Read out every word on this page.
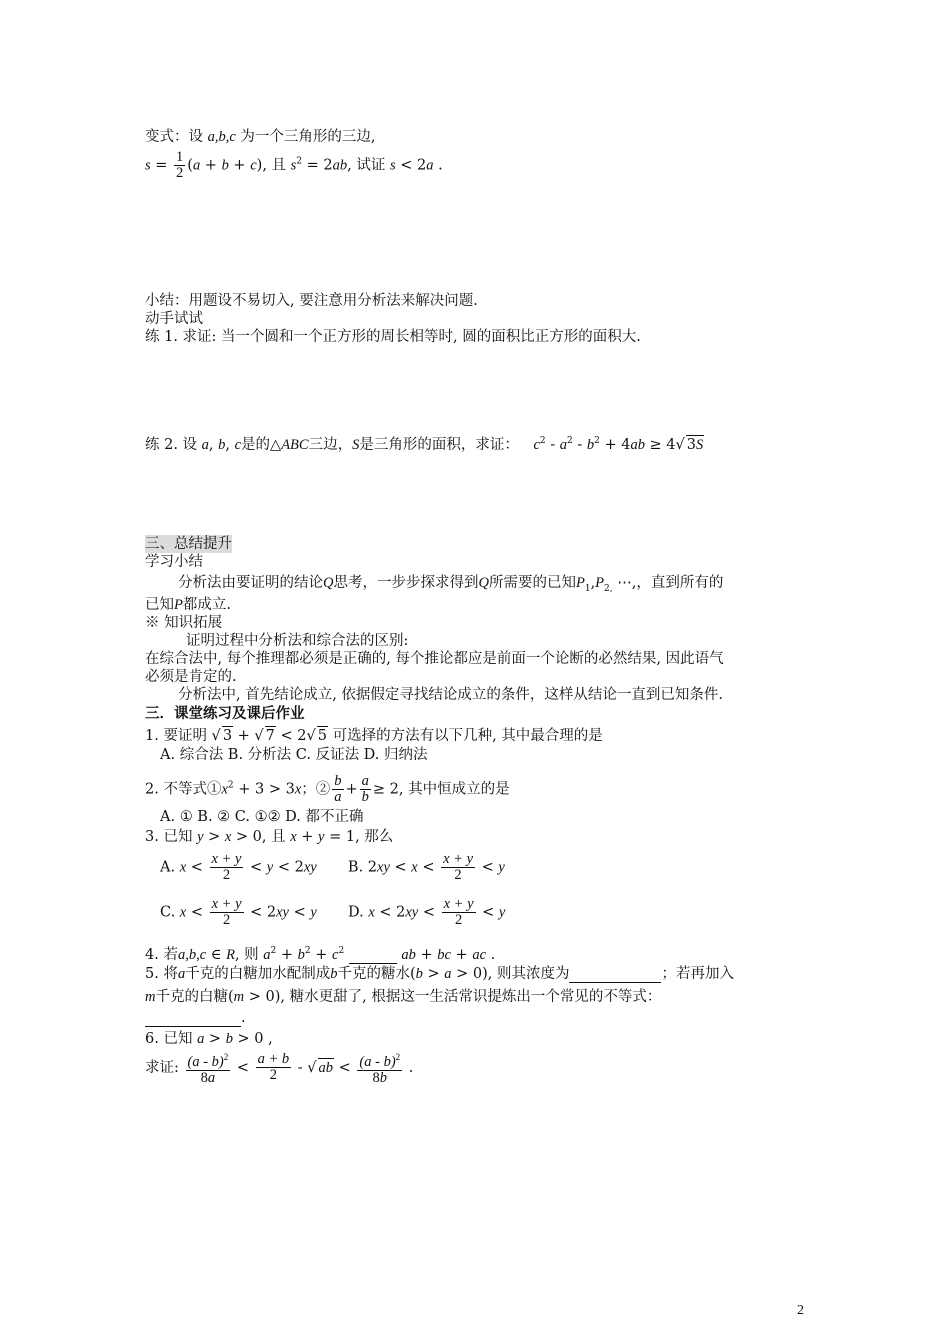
变式：设 a,b,c 为一个三角形的三边,
$s = \frac{1}{2} (a + b + c)$, 且 $s^2 = 2ab$, 试证 s < 2a .
小结：用题设不易切入, 要注意用分析法来解决问题.
动手试试
练 1. 求证: 当一个圆和一个正方形的周长相等时, 圆的面积比正方形的面积大.
练 2. 设 a, b, c是的△ABC三边，S是三角形的面积，求证： $c^2 - a^2 - b^2 + 4ab \ge 4√$ 3S
三、总结提升
学习小结
分析法由要证明的结论Q思考，一步步探求得到Q所需要的已知$P_1,P_{2,}$ ⋯,，直到所有的
已知P都成立.
※ 知识拓展
证明过程中分析法和综合法的区别:
在综合法中, 每个推理都必须是正确的, 每个推论都应是前面一个论断的必然结果, 因此语气
必须是肯定的.
分析法中, 首先结论成立, 依据假定寻找结论成立的条件，这样从结论一直到已知条件.
三．课堂练习及课后作业
1. 要证明 √ 3 + √ 7 < 2√ 5 可选择的方法有以下几种, 其中最合理的是
A. 综合法 B. 分析法 C. 反证法 D. 归纳法
2. 不等式$①x^2 + 3 > 3x$；② $\frac{b}{a} + \frac{a}{b} \ge 2$, 其中恒成立的是
A. ① B. ② C. ①② D. 都不正确
3. 已知 y > x > 0, 且 x + y = 1, 那么
A. $x < \frac{x + y}{2} < y < 2xy$  B. $2xy < x < \frac{x + y}{2} < y$
C. $x < \frac{x + y}{2} < 2xy < y$  D. $x < 2xy < \frac{x + y}{2} < y$
4. 若a,b,c ∈ R, 则 $a^2 + b^2 + c^2$	ab + bc + ac .
5. 将a千克的白糖加水配制成b千克的糖水(b > a > 0), 则其浓度为	；若再加入
m千克的白糖(m > 0), 糖水更甜了, 根据这一生活常识提炼出一个常见的不等式：
.
6. 已知 a > b > 0 ,
求证: $\frac{(a - b)^2}{8a} < \frac{a + b}{2}$ - √ ab < $\frac{(a - b)^2}{8b}$ .
2
